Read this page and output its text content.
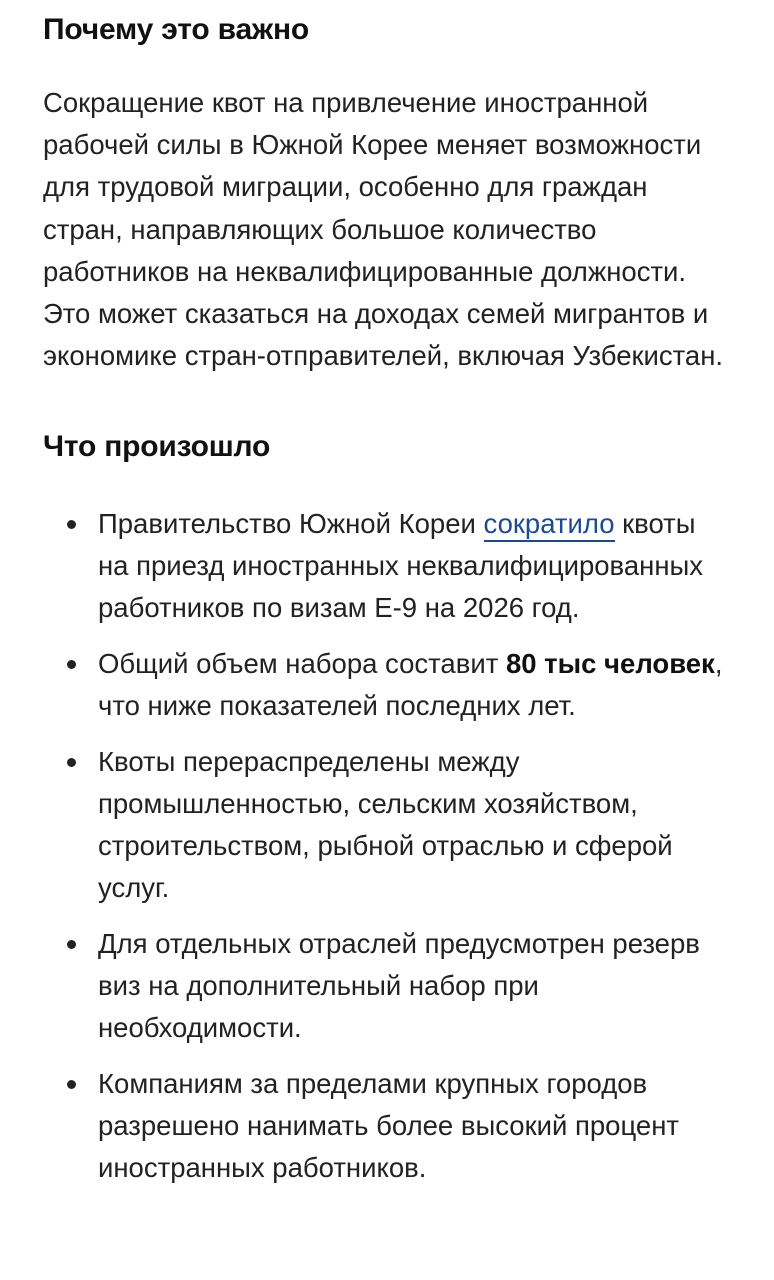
Почему это важно

Сокращение квот на привлечение иностранной рабочей силы в Южной Корее меняет возможности для трудовой миграции, особенно для граждан стран, направляющих большое количество работников на неквалифицированные должности. Это может сказаться на доходах семей мигрантов и экономике стран-отправителей, включая Узбекистан.

Что произошло
Правительство Южной Кореи сократило квоты на приезд иностранных неквалифицированных работников по визам E-9 на 2026 год.
Общий объем набора составит 80 тыс человек, что ниже показателей последних лет.
Квоты перераспределены между промышленностью, сельским хозяйством, строительством, рыбной отраслью и сферой услуг.
Для отдельных отраслей предусмотрен резерв виз на дополнительный набор при необходимости.
Компаниям за пределами крупных городов разрешено нанимать более высокий процент иностранных работников.
